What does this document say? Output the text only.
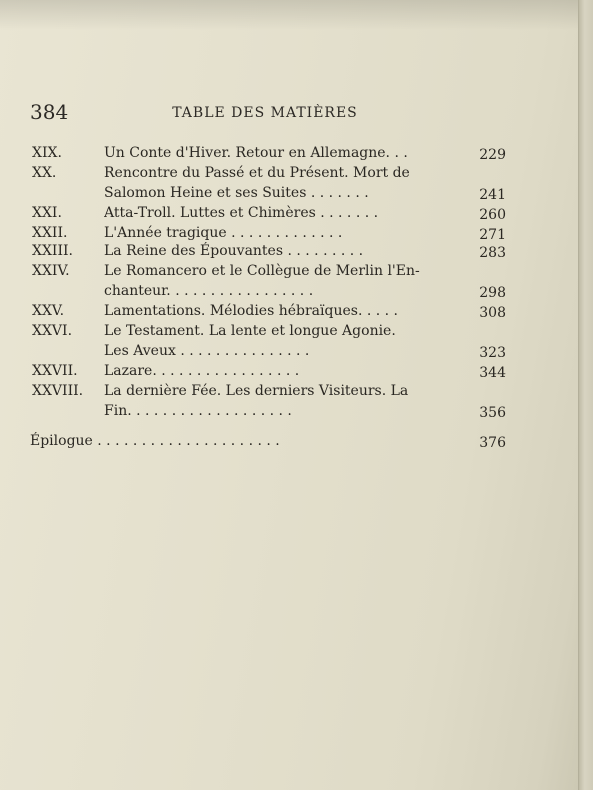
384	TABLE DES MATIÈRES
XIX.	Un Conte d'Hiver. Retour en Allemagne. . .	229
XX.	Rencontre du Passé et du Présent. Mort de
Salomon Heine et ses Suites . . . . . . .	241
XXI.	Atta-Troll. Luttes et Chimères . . . . . . .	260
XXII.	L'Année tragique . . . . . . . . . . . . .	271
XXIII. La Reine des Épouvantes . . . . . . . . .	283
XXIV. Le Romancero et le Collègue de Merlin l'En-
chanteur. . . . . . . . . . . . . . . . .	298
XXV.	Lamentations. Mélodies hébraïques. . . . .	308
XXVI. Le Testament. La lente et longue Agonie.
Les Aveux . . . . . . . . . . . . . . .	323
XXVII. Lazare. . . . . . . . . . . . . . . . .	344
XXVIII. La dernière Fée. Les derniers Visiteurs. La
Fin. . . . . . . . . . . . . . . . . . .	356
Épilogue . . . . . . . . . . . . . . . . . . . . .	376
